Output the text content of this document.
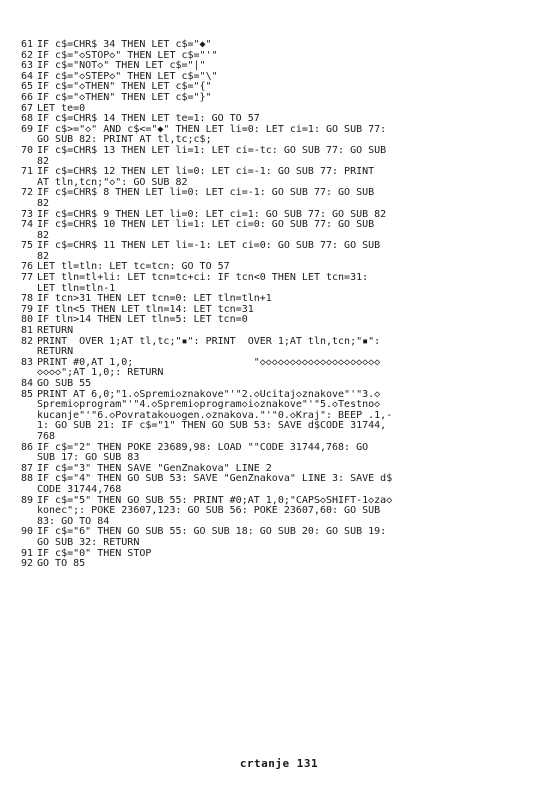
61 IF c$=CHR$ 34 THEN LET c$="◆"
62 IF c$="◇STOP◇" THEN LET c$="'"
63 IF c$="NOT◇" THEN LET c$="|"
64 IF c$="◇STEP◇" THEN LET c$="\"
65 IF c$="◇THEN" THEN LET c$="{"
66 IF c$="◇THEN" THEN LET c$="}"
67 LET te=0
68 IF c$=CHR$ 14 THEN LET te=1: GO TO 57
69 IF c$>="◇" AND c$<="◆" THEN LET li=0: LET ci=1: GO SUB 77:
GO SUB 82: PRINT AT tl,tc;c$;
70 IF c$=CHR$ 13 THEN LET li=1: LET ci=-tc: GO SUB 77: GO SUB
82
71 IF c$=CHR$ 12 THEN LET li=0: LET ci=-1: GO SUB 77: PRINT
AT tln,tcn;"◇": GO SUB 82
72 IF c$=CHR$ 8 THEN LET li=0: LET ci=-1: GO SUB 77: GO SUB
82
73 IF c$=CHR$ 9 THEN LET li=0: LET ci=1: GO SUB 77: GO SUB 82
74 IF c$=CHR$ 10 THEN LET li=1: LET ci=0: GO SUB 77: GO SUB
82
75 IF c$=CHR$ 11 THEN LET li=-1: LET ci=0: GO SUB 77: GO SUB
82
76 LET tl=tln: LET tc=tcn: GO TO 57
77 LET tln=tl+li: LET tcn=tc+ci: IF tcn<0 THEN LET tcn=31:
LET tln=tln-1
78 IF tcn>31 THEN LET tcn=0: LET tln=tln+1
79 IF tln<5 THEN LET tln=14: LET tcn=31
80 IF tln>14 THEN LET tln=5: LET tcn=0
81 RETURN
82 PRINT  OVER 1;AT tl,tc;"▪": PRINT  OVER 1;AT tln,tcn;"▪":
RETURN
83 PRINT #0,AT 1,0;                    "◇◇◇◇◇◇◇◇◇◇◇◇◇◇◇◇◇◇◇◇
◇◇◇◇";AT 1,0;: RETURN
84 GO SUB 55
85 PRINT AT 6,0;"1.◇Spremi◇znakove"'"2.◇Ucitaj◇znakove"'"3.◇
Spremi◇program"'"4.◇Spremi◇program◇i◇znakove"'"5.◇Testno◇
kucanje"'"6.◇Povratak◇u◇gen.◇znakova."'"0.◇Kraj": BEEP .1,-
1: GO SUB 21: IF c$="1" THEN GO SUB 53: SAVE d$CODE 31744,
768
86 IF c$="2" THEN POKE 23689,98: LOAD ""CODE 31744,768: GO
SUB 17: GO SUB 83
87 IF c$="3" THEN SAVE "GenZnakova" LINE 2
88 IF c$="4" THEN GO SUB 53: SAVE "GenZnakova" LINE 3: SAVE d$
CODE 31744,768
89 IF c$="5" THEN GO SUB 55: PRINT #0;AT 1,0;"CAPS◇SHIFT-1◇za◇
konec";: POKE 23607,123: GO SUB 56: POKE 23607,60: GO SUB
83: GO TO 84
90 IF c$="6" THEN GO SUB 55: GO SUB 18: GO SUB 20: GO SUB 19:
GO SUB 32: RETURN
91 IF c$="0" THEN STOP
92 GO TO 85
crtanje 131
